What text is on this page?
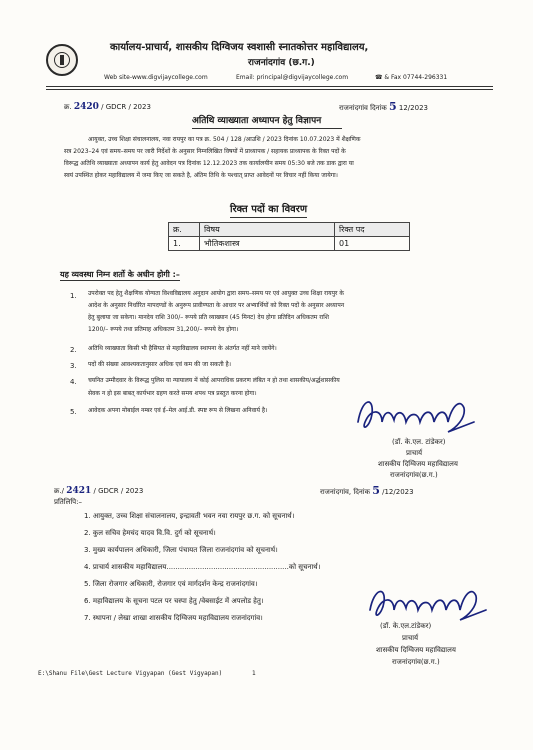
कार्यालय-प्राचार्य, शासकीय दिग्विजय स्वशासी स्नातकोत्तर महाविद्यालय,
राजनांदगांव (छ.ग.)
Web site-www.digvijaycollege.com	Email: principal@digvijaycollege.com	☎ & Fax 07744-296331
क्र. 2420 / GDCR / 2023	राजनांदगांव दिनांक 5 12/2023
अतिथि व्याख्याता अध्यापन हेतु विज्ञापन
आयुक्त, उच्च शिक्षा संचालनालय, नवा रायपुर का पत्र क्र. 504 / 128 /आउशि / 2023 दिनांक 10.07.2023 में शैक्षणिक
सत्र 2023–24 एवं समय–समय पर जारी निर्देशों के अनुसार निम्नलिखित विषयों में प्राध्यापक / सहायक प्राध्यापक के रिक्त पदों के
विरूद्ध अतिथि व्याख्याता अध्यापन कार्य हेतु आवेदन पत्र दिनांक 12.12.2023 तक कार्यालयीन समय 05:30 बजे तक डाक द्वारा या
स्वयं उपस्थित होकर महाविद्यालय में जमा किए जा सकते है, अंतिम तिथि के पश्चात् प्राप्त आवेदनों पर विचार नहीं किया जायेगा।
रिक्त पदों का विवरण
क्र.	विषय	रिक्त पद
1.	भौतिकशास्त्र	01
यह व्यवस्था निम्न शर्तो के अधीन होगी :–
1. उपरोक्त पद हेतु शैक्षणिक योग्यता विश्वविद्यालय अनुदान आयोग द्वारा समय–समय पर एवं आयुक्त उच्च शिक्षा रायपुर के
आदेश के अनुसार निर्धारित मापदण्डों के अनुरूप प्रावीण्यता के आधार पर अभ्यार्थियों को रिक्त पदों के अनुसार अध्यापन
हेतु बुलाया जा सकेगा। मानदेय राशि 300/– रूपये प्रति व्याख्यान (45 मिनट) देय होगा प्रतिदिन अधिकतम राशि
1200/– रूपये तथा प्रतिमाह अधिकतम 31,200/– रूपये देय होगा।
2. अतिथि व्याख्याता किसी भी हैसियत से महाविद्यालय स्थापना के अंतर्गत नहीं माने जायेंगे।
3. पदों की संख्या आवश्यकतानुसार अधिक एवं कम की जा सकती है।
4. चयनित उम्मीदवार के विरूद्ध पुलिस या न्यायालय में कोई आपराधिक प्रकरण लंबित न हो तथा शासकीय/अर्द्धशासकीय
सेवक न हो इस बाबत् कार्यभार ग्रहण करते समय शपथ पत्र प्रस्तुत करना होगा।
5. आवेदक अपना मोबाईल नम्बर एवं ई–मेल आई.डी. स्पष्ट रूप से लिखना अनिवार्य है।
(डॉ. के.एल. टांडेकर)
प्राचार्य
शासकीय दिग्विजय महाविद्यालय
राजनांदगांव(छ.ग.)
क्र./ 2421 / GDCR / 2023	राजनांदगांव, दिनांक 5 /12/2023
प्रतिलिपि:–
1. आयुक्त, उच्च शिक्षा संचालनालय, इन्द्रावती भवन नवा रायपुर छ.ग. को सूचनार्थ।
2. कुल सचिव हेमचंद यादव वि.वि. दुर्ग को सूचनार्थ।
3. मुख्य कार्यपालन अधिकारी, जिला पंचायत जिला राजनांदगांव को सूचनार्थ।
4. प्राचार्य शासकीय महाविद्यालय.......................................................को सूचनार्थ।
5. जिला रोजगार अधिकारी, रोजगार एवं मार्गदर्शन केन्द्र राजनांदगांव।
6. महाविद्यालय के सूचना पटल पर चस्पा हेतु /वेबसाईट में अपलोड हेतु।
7. स्थापना / लेखा शाखा शासकीय दिग्विजय महाविद्यालय राजनांदगांव।
(डॉ. के.एल.टांडेकर)
प्राचार्य
शासकीय दिग्विजय महाविद्यालय
राजनांदगांव(छ.ग.)
E:\Shanu File\Gest Lecture Vigyapan (Gest Vigyapan)	1
